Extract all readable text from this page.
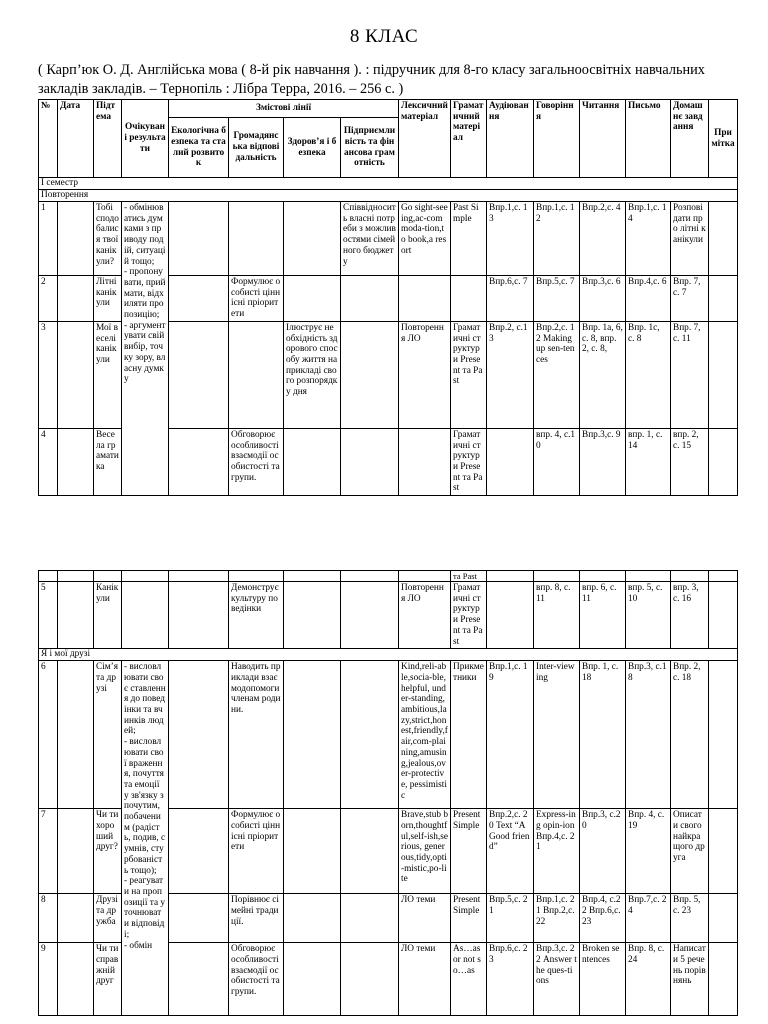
8 КЛАС
( Карп’юк О. Д. Англійська мова ( 8-й рік навчання ). : підручник для 8-го класу загальноосвітніх навчальних закладів закладів. – Тернопіль : Лібра Терра, 2016. – 256 с. )
№	Дата	Підтема	Очікувані результати	Змістові лінії				Лексичний матеріал	Граматичний матеріал	Аудіювання	Говоріння	Читання	Письмо	Домашнє завдання	Примітка
				Екологічна безпека та сталий розвиток	Громадянська відповідальність	Здоров’я і безпека	Підприємливість та фінансова грамотність								
I семестр															
Повторення															
1		Тобі сподобалися твої канікули?	- обмінюватись думками з приводу подій, ситуацій тощо;
- пропонувати, приймати, відхиляти пропозицію;
- аргументувати свій вибір, точку зору, власну думку				Співвідносить власні потреби з можливостями сімейного бюджету	Go sight-seeing,ac-commoda-tion,to book,a resort	Past Simple	Впр.1,с. 13	Впр.1,с. 12	Впр.2,с. 4	Впр.1,с. 14	Розповідати про літні канікули	
2		Літні канікули			Формулює особисті ціннісні пріоритети					Впр.6,с. 7	Впр.5,с. 7	Впр.3,с. 6	Впр.4,с. 6	Впр. 7, с. 7	
3		Мої веселі канікули				Ілюструє необхідність здорового способу життя на прикладі свого розпорядку дня		Повторення ЛО	Граматичні структури Present та Past	Впр.2, с.13	Впр.2,с. 12 Making up sen-tences	Впр. 1а, 6, с. 8, впр. 2, с. 8,	Впр. 1с, с. 8	Впр. 7, с. 11	
4		Весела граматика			Обговорює особливості взаємодії особистості та групи.				Граматичні структури Present та Past		впр. 4, с.10	Впр.3,с. 9	впр. 1, с. 14	впр. 2, с. 15	
									та Past						
5		Канікули			Демонструє культуру поведінки			Повторення ЛО	Граматичні структури Present та Past		впр. 8, с. 11	впр. 6, с. 11	впр. 5, с. 10	впр. 3, с. 16	
Я і мої друзі															
6		Сім’я та друзі	- висловлювати своє ставлення до поведінки та вчинків людей;
- висловлювати свої враження, почуття та емоції у зв'язку з почутим, побаченим (радість, подив, сумнів, стурбованість тощо);
- реагувати на пропозиції та уточнювати відповіді;
- обмін		Наводить приклади взаємодопомоги членам родини.			Kind,reli-able,socia-ble,helpful, under-standing,ambitious,lazy,strict,honest,friendly,fair,com-plaining,amusing,jealous,over-protective, pessimistic	Прикметники	Впр.1,с. 19	Inter-viewing	Впр. 1, с. 18	Впр.3, с.18	Впр. 2, с. 18	
7		Чи ти хороший друг?			Формулює особисті ціннісні пріоритети			Brave,stub born,thoughtful,self-ish,serious, generous,tidy,opti-mistic,po-lite	Present Simple	Впр.2,с. 20 Text “A Good friend”	Express-ing opin-ion Впр.4,с. 21	Впр.3, с.20	Впр. 4, с. 19	Описати свого найкращого друга	
8		Друзі та дружба			Порівнює сімейні традиції.			ЛО теми	Present Simple	Впр.5,с. 21	Впр.1,с. 21 Впр.2,с. 22	Впр.4, с.22 Впр.6,с. 23	Впр.7,с. 24	Впр. 5, с. 23	
9		Чи ти справжній друг			Обговорює особливості взаємодії особистості та групи.			ЛО теми	As…as or not so…as	Впр.6,с. 23	Впр.3,с. 22 Answer the ques-tions	Broken sentences	Впр. 8, с. 24	Написати 5 речень порівнянь	
